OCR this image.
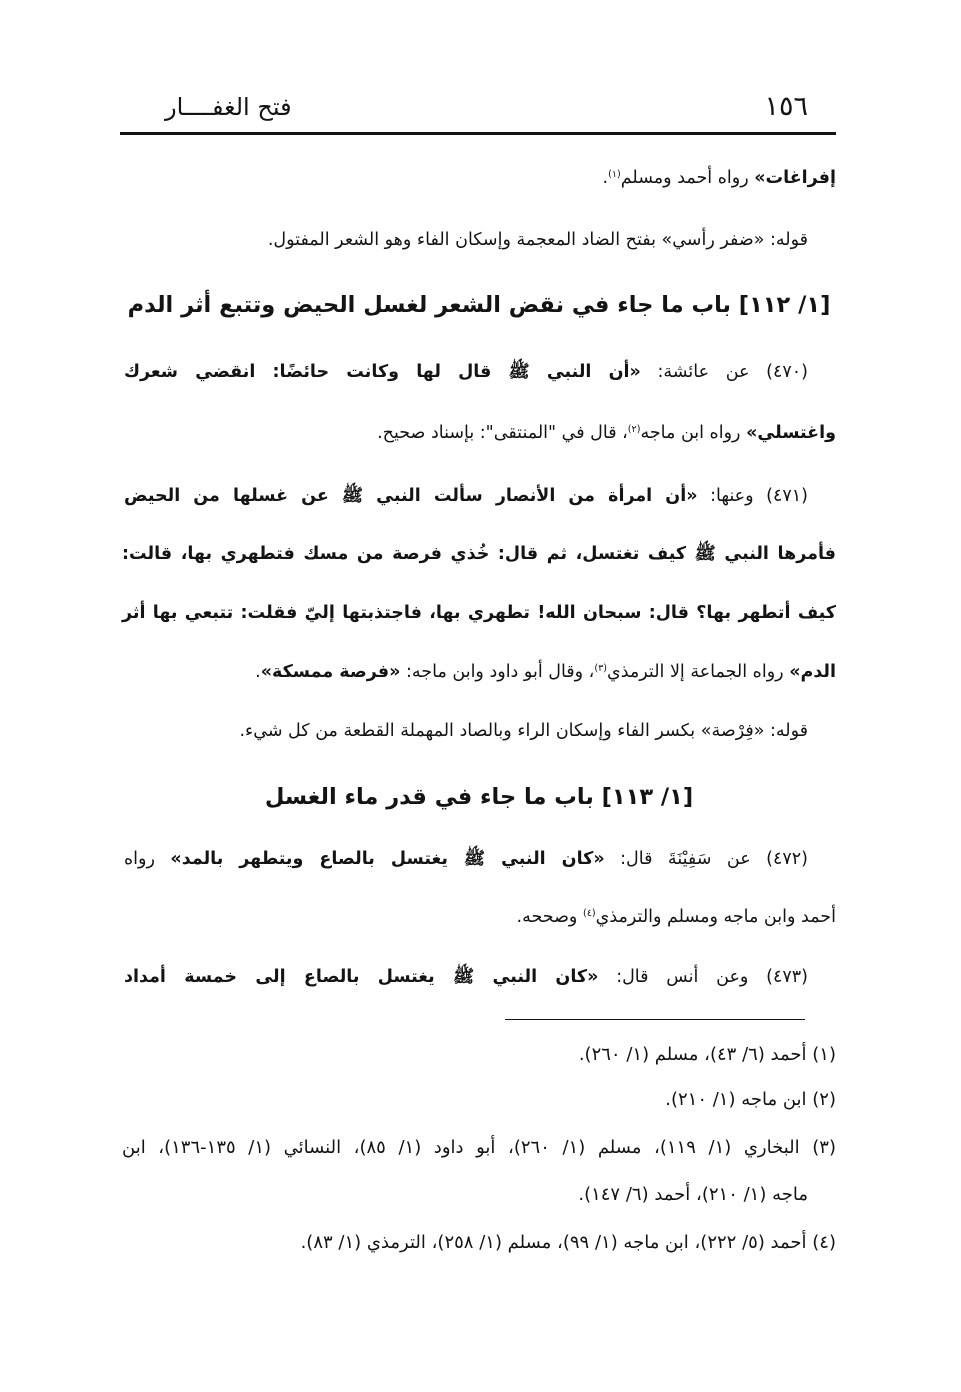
١٥٦
فتح الغفــــار
إفراغات» رواه أحمد ومسلم$^{(١)}$.
قوله: «ضفر رأسي» بفتح الضاد المعجمة وإسكان الفاء وهو الشعر المفتول.
[١/ ١١٢] باب ما جاء في نقض الشعر لغسل الحيض وتتبع أثر الدم
(٤٧٠) عن عائشة: «أن النبي ﷺ قال لها وكانت حائضًا: انقضي شعرك
واغتسلي» رواه ابن ماجه$^{(٢)}$، قال في "المنتقى": بإسناد صحيح.
(٤٧١) وعنها: «أن امرأة من الأنصار سألت النبي ﷺ عن غسلها من الحيض
فأمرها النبي ﷺ كيف تغتسل، ثم قال: خُذي فرصة من مسك فتطهري بها، قالت:
كيف أتطهر بها؟ قال: سبحان الله! تطهري بها، فاجتذبتها إليّ فقلت: تتبعي بها أثر
الدم» رواه الجماعة إلا الترمذي$^{(٣)}$، وقال أبو داود وابن ماجه: «فرصة ممسكة».
قوله: «فِرْصة» بكسر الفاء وإسكان الراء وبالصاد المهملة القطعة من كل شيء.
[١/ ١١٣] باب ما جاء في قدر ماء الغسل
(٤٧٢) عن سَفِيْنَةَ قال: «كان النبي ﷺ يغتسل بالصاع ويتطهر بالمد» رواه
أحمد وابن ماجه ومسلم والترمذي$^{(٤)}$ وصححه.
(٤٧٣) وعن أنس قال: «كان النبي ﷺ يغتسل بالصاع إلى خمسة أمداد
(١) أحمد (٦/ ٤٣)، مسلم (١/ ٢٦٠).
(٢) ابن ماجه (١/ ٢١٠).
(٣) البخاري (١/ ١١٩)، مسلم (١/ ٢٦٠)، أبو داود (١/ ٨٥)، النسائي (١/ ١٣٥-١٣٦)، ابن
ماجه (١/ ٢١٠)، أحمد (٦/ ١٤٧).
(٤) أحمد (٥/ ٢٢٢)، ابن ماجه (١/ ٩٩)، مسلم (١/ ٢٥٨)، الترمذي (١/ ٨٣).
